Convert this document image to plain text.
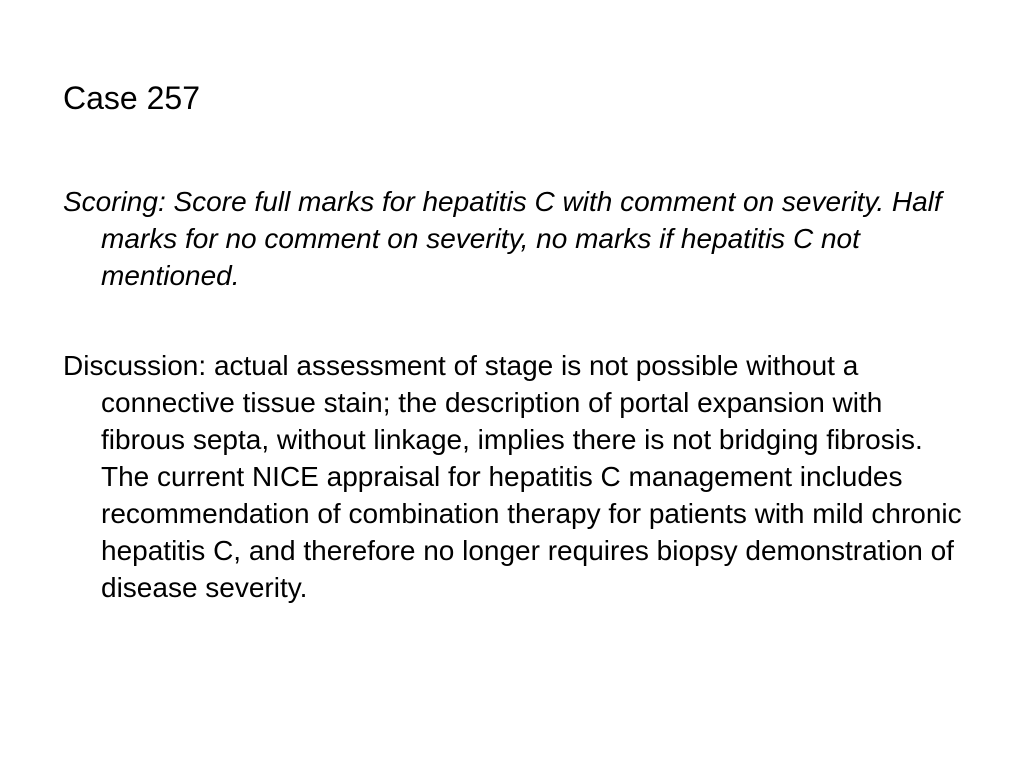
Case 257
Scoring: Score full marks for hepatitis C with comment on severity. Half marks for no comment on severity, no marks if hepatitis C not mentioned.
Discussion: actual assessment of stage is not possible without a connective tissue stain; the description of portal expansion with fibrous septa, without linkage, implies there is not bridging fibrosis. The current NICE appraisal for hepatitis C management includes recommendation of combination therapy for patients with mild chronic hepatitis C, and therefore no longer requires biopsy demonstration of disease severity.
